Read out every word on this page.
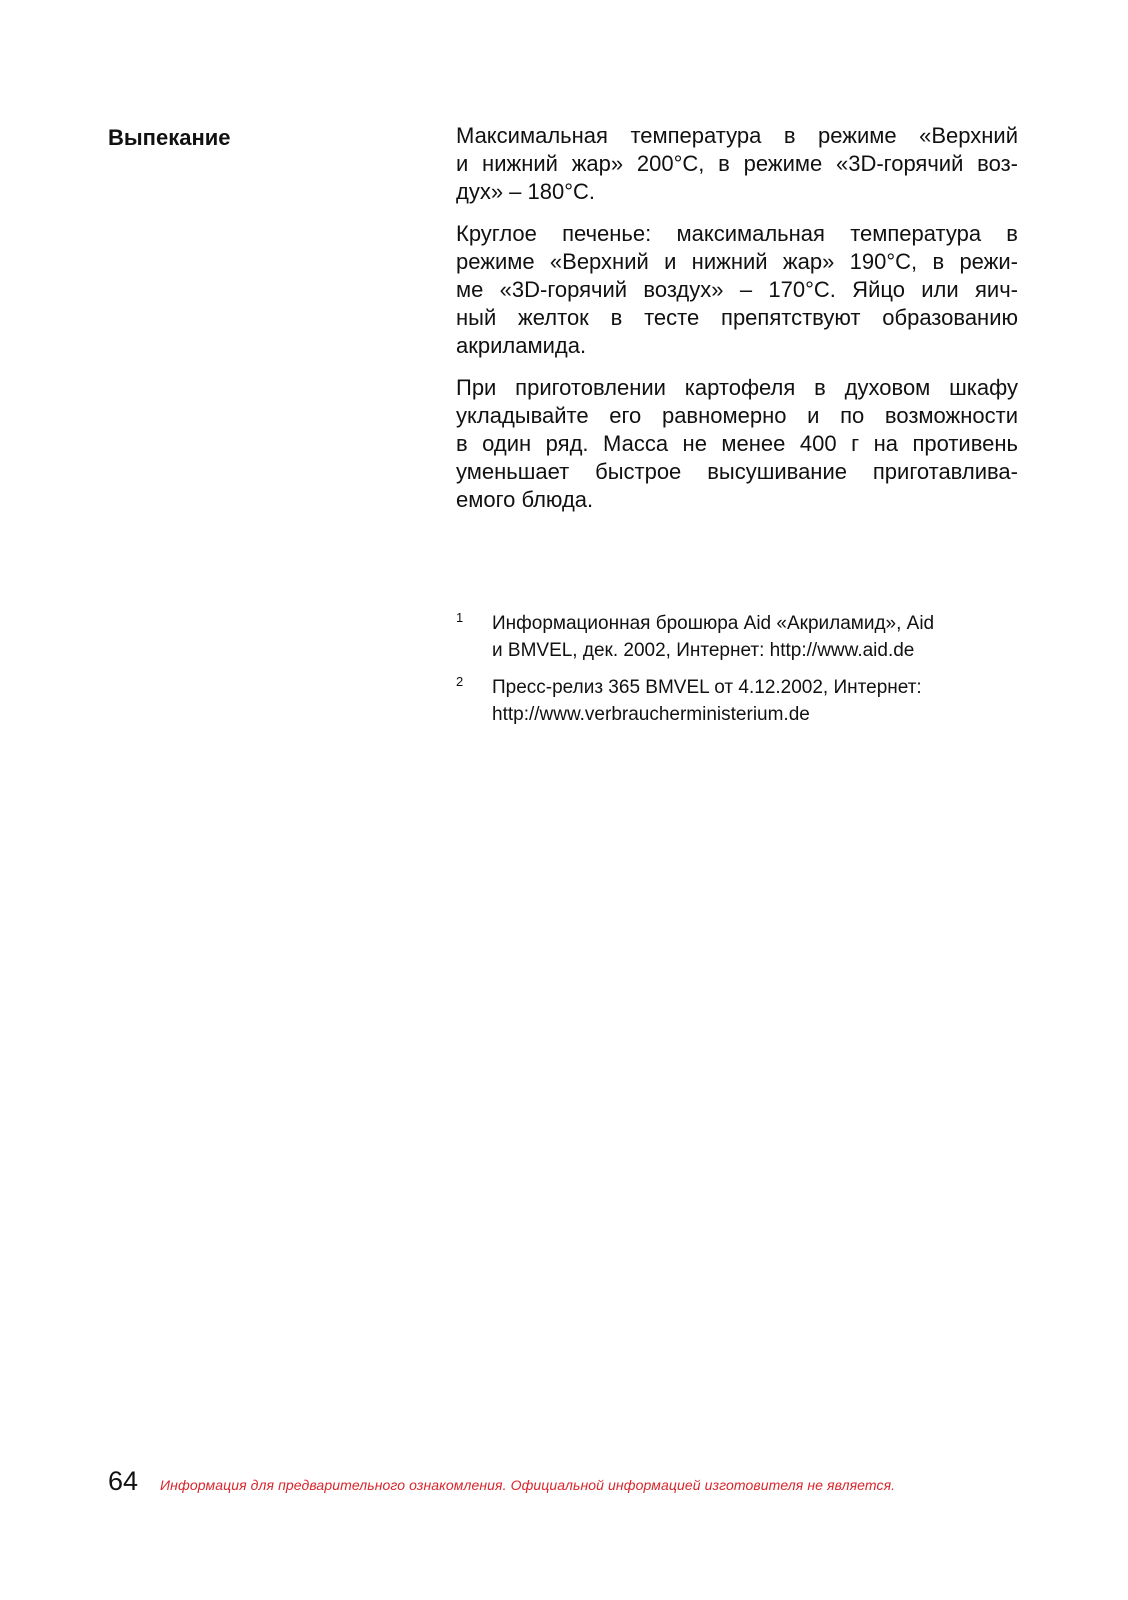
Выпекание	Максимальная температура в режиме «Верхний
и нижний жар» 200°С, в режиме «3D-горячий воз-
дух» – 180°С.

Круглое печенье: максимальная температура в
режиме «Верхний и нижний жар» 190°С, в режи-
ме «3D-горячий воздух» – 170°С. Яйцо или яич-
ный желток в тесте препятствуют образованию
акриламида.

При приготовлении картофеля в духовом шкафу
укладывайте его равномерно и по возможности
в один ряд. Масса не менее 400 г на противень
уменьшает быстрое высушивание приготавлива-
емого блюда.

1 Информационная брошюра Aid «Акриламид», Aid
и BMVEL, дек. 2002, Интернет: http://www.aid.de
2 Пресс-релиз 365 BMVEL от 4.12.2002, Интернет:
http://www.verbraucherministerium.de
64 Информация для предварительного ознакомления. Официальной информацией изготовителя не является.
